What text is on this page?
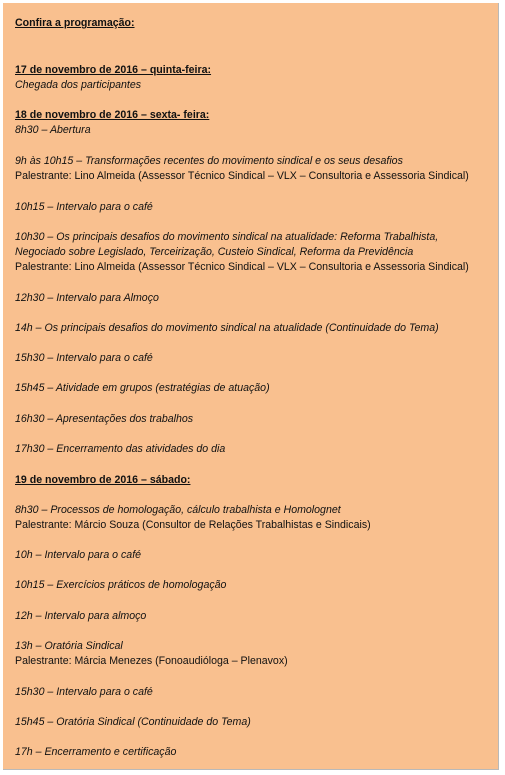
Confira a programação:
17 de novembro de 2016 – quinta-feira:
Chegada dos participantes
18 de novembro de 2016 – sexta- feira:
8h30 – Abertura
9h às 10h15 – Transformações recentes do movimento sindical e os seus desafios
Palestrante: Lino Almeida (Assessor Técnico Sindical – VLX – Consultoria e Assessoria Sindical)
10h15 – Intervalo para o café
10h30 – Os principais desafios do movimento sindical na atualidade: Reforma Trabalhista,
Negociado sobre Legislado, Terceirização, Custeio Sindical, Reforma da Previdência
Palestrante: Lino Almeida (Assessor Técnico Sindical – VLX – Consultoria e Assessoria Sindical)
12h30 – Intervalo para Almoço
14h – Os principais desafios do movimento sindical na atualidade (Continuidade do Tema)
15h30 – Intervalo para o café
15h45 – Atividade em grupos (estratégias de atuação)
16h30 – Apresentações dos trabalhos
17h30 – Encerramento das atividades do dia
19 de novembro de 2016 – sábado:
8h30 – Processos de homologação, cálculo trabalhista e Homolognet
Palestrante: Márcio Souza (Consultor de Relações Trabalhistas e Sindicais)
10h – Intervalo para o café
10h15 – Exercícios práticos de homologação
12h – Intervalo para almoço
13h – Oratória Sindical
Palestrante: Márcia Menezes (Fonoaudióloga – Plenavox)
15h30 – Intervalo para o café
15h45 – Oratória Sindical (Continuidade do Tema)
17h – Encerramento e certificação
